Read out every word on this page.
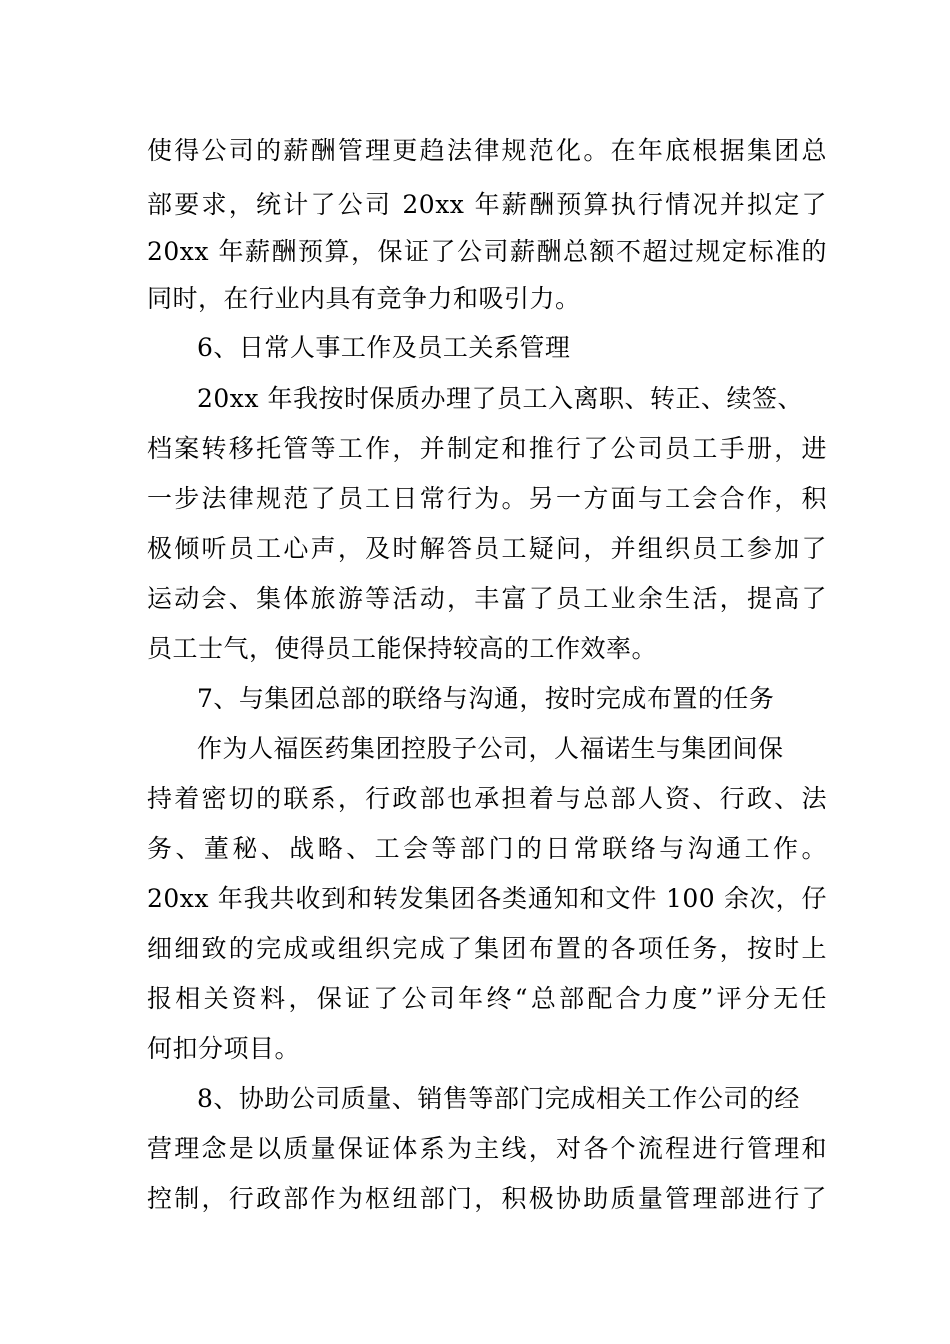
使得公司的薪酬管理更趋法律规范化。在年底根据集团总
部要求，统计了公司 20xx 年薪酬预算执行情况并拟定了
20xx 年薪酬预算，保证了公司薪酬总额不超过规定标准的
同时，在行业内具有竞争力和吸引力。
6、日常人事工作及员工关系管理
20xx 年我按时保质办理了员工入离职、转正、续签、
档案转移托管等工作，并制定和推行了公司员工手册，进
一步法律规范了员工日常行为。另一方面与工会合作，积
极倾听员工心声，及时解答员工疑问，并组织员工参加了
运动会、集体旅游等活动，丰富了员工业余生活，提高了
员工士气，使得员工能保持较高的工作效率。
7、与集团总部的联络与沟通，按时完成布置的任务
作为人福医药集团控股子公司，人福诺生与集团间保
持着密切的联系，行政部也承担着与总部人资、行政、法
务、董秘、战略、工会等部门的日常联络与沟通工作。
20xx 年我共收到和转发集团各类通知和文件 100 余次，仔
细细致的完成或组织完成了集团布置的各项任务，按时上
报相关资料，保证了公司年终“总部配合力度”评分无任
何扣分项目。
8、协助公司质量、销售等部门完成相关工作公司的经
营理念是以质量保证体系为主线，对各个流程进行管理和
控制，行政部作为枢纽部门，积极协助质量管理部进行了
